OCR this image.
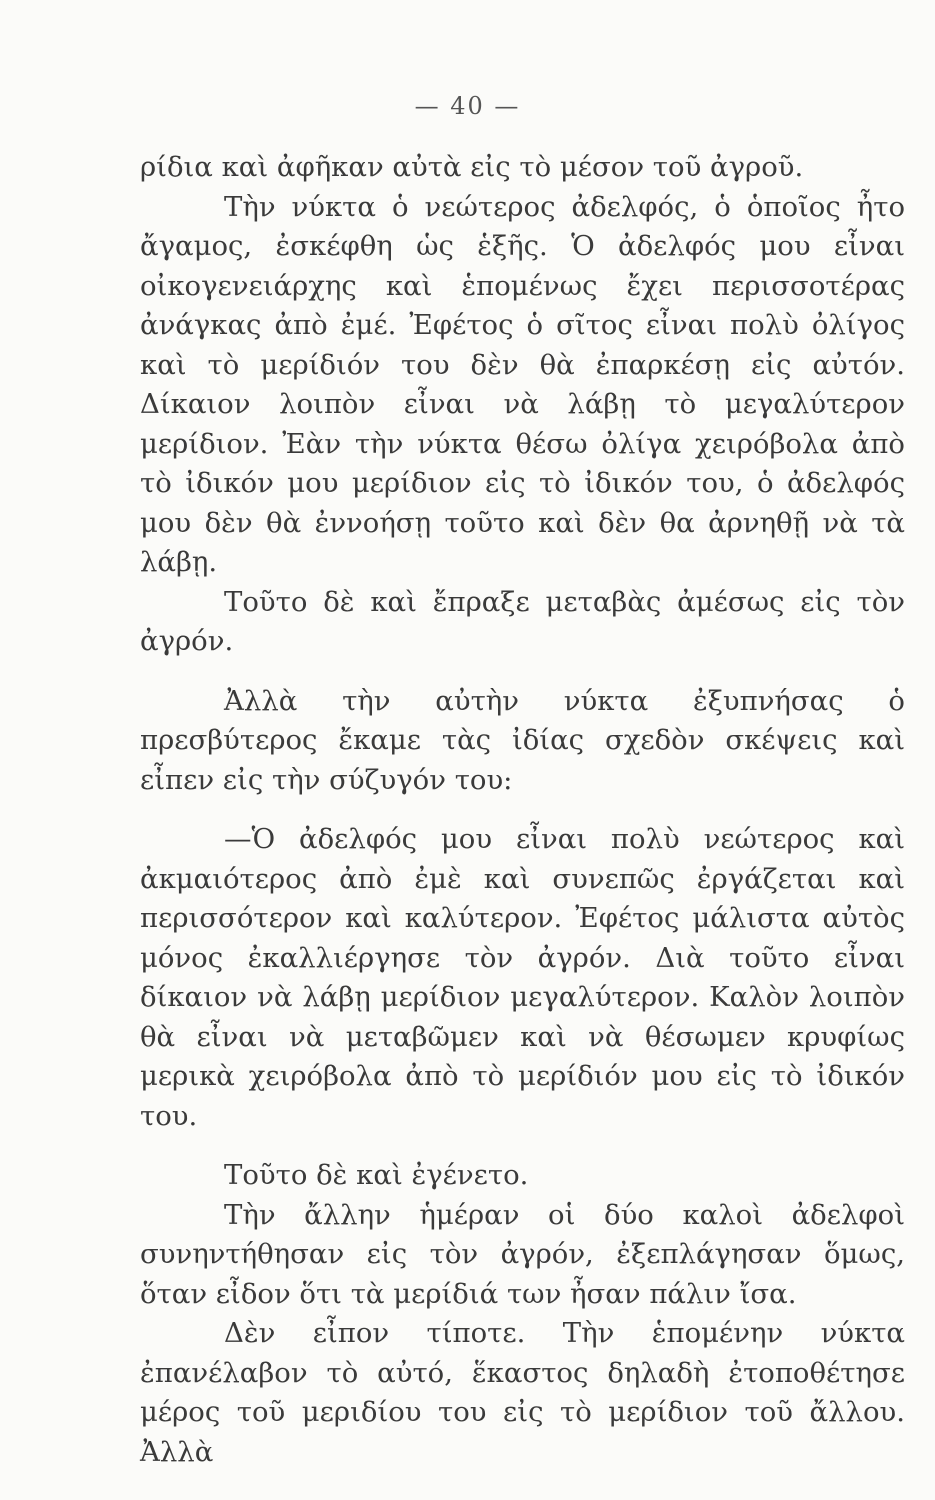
— 40 —

ρίδια καὶ ἀφῆκαν αὐτὰ εἰς τὸ μέσον τοῦ ἀγροῦ.

Τὴν νύκτα ὁ νεώτερος ἀδελφός, ὁ ὁποῖος ἦτο ἄγαμος, ἐσκέφθη ὡς ἑξῆς. Ὁ ἀδελφός μου εἶναι οἰκογενειάρχης καὶ ἑπομένως ἔχει περισσοτέρας ἀνάγκας ἀπὸ ἐμέ. Ἐφέτος ὁ σῖτος εἶναι πολὺ ὀλίγος καὶ τὸ μερίδιόν του δὲν θὰ ἐπαρκέσῃ εἰς αὐτόν. Δίκαιον λοιπὸν εἶναι νὰ λάβῃ τὸ μεγαλύτερον μερίδιον. Ἐὰν τὴν νύκτα θέσω ὀλίγα χειρόβολα ἀπὸ τὸ ἰδικόν μου μερίδιον εἰς τὸ ἰδικόν του, ὁ ἀδελφός μου δὲν θὰ ἐννοήσῃ τοῦτο καὶ δὲν θα ἀρνηθῇ νὰ τὰ λάβῃ.

Τοῦτο δὲ καὶ ἔπραξε μεταβὰς ἀμέσως εἰς τὸν ἀγρόν.

Ἀλλὰ τὴν αὐτὴν νύκτα ἐξυπνήσας ὁ πρεσβύτερος ἔκαμε τὰς ἰδίας σχεδὸν σκέψεις καὶ εἶπεν εἰς τὴν σύζυγόν του:

—Ὁ ἀδελφός μου εἶναι πολὺ νεώτερος καὶ ἀκμαιότερος ἀπὸ ἐμὲ καὶ συνεπῶς ἐργάζεται καὶ περισσότερον καὶ καλύτερον. Ἐφέτος μάλιστα αὐτὸς μόνος ἐκαλλιέργησε τὸν ἀγρόν. Διὰ τοῦτο εἶναι δίκαιον νὰ λάβῃ μερίδιον μεγαλύτερον. Καλὸν λοιπὸν θὰ εἶναι νὰ μεταβῶμεν καὶ νὰ θέσωμεν κρυφίως μερικὰ χειρόβολα ἀπὸ τὸ μερίδιόν μου εἰς τὸ ἰδικόν του.

Τοῦτο δὲ καὶ ἐγένετο.

Τὴν ἄλλην ἡμέραν οἱ δύο καλοὶ ἀδελφοὶ συνηντήθησαν εἰς τὸν ἀγρόν, ἐξεπλάγησαν ὅμως, ὅταν εἶδον ὅτι τὰ μερίδιά των ἦσαν πάλιν ἴσα.

Δὲν εἶπον τίποτε. Τὴν ἑπομένην νύκτα ἐπανέλαβον τὸ αὐτό, ἕκαστος δηλαδὴ ἐτοποθέτησε μέρος τοῦ μεριδίου του εἰς τὸ μερίδιον τοῦ ἄλλου. Ἀλλὰ
